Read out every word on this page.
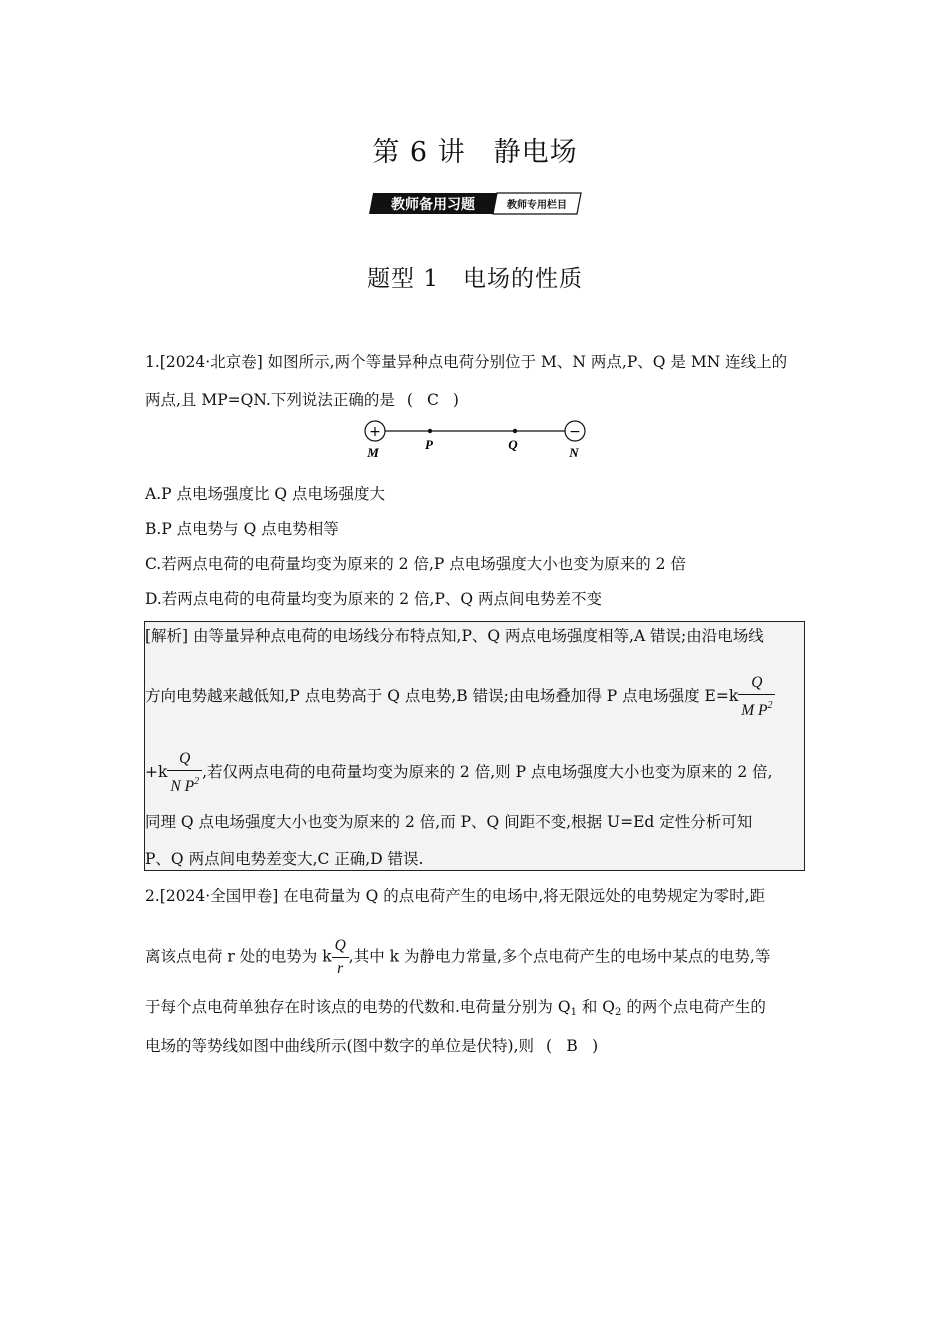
第 6 讲　静电场
教师备用习题	教师专用栏目
题型 1　电场的性质
1.[2024·北京卷] 如图所示,两个等量异种点电荷分别位于 M、N 两点,P、Q 是 MN 连线上的
两点,且 MP=QN.下列说法正确的是 ( C )
+	−
M
P	Q
N
A.P 点电场强度比 Q 点电场强度大
B.P 点电势与 Q 点电势相等
C.若两点电荷的电荷量均变为原来的 2 倍,P 点电场强度大小也变为原来的 2 倍
D.若两点电荷的电荷量均变为原来的 2 倍,P、Q 两点间电势差不变
[解析] 由等量异种点电荷的电场线分布特点知,P、Q 两点电场强度相等,A 错误;由沿电场线
方向电势越来越低知,P 点电势高于 Q 点电势,B 错误;由电场叠加得 P 点电场强度 $E=k \frac{Q}{M P^2}$
$+k \frac{Q}{N P^2}$ ,若仅两点电荷的电荷量均变为原来的 2 倍,则 P 点电场强度大小也变为原来的 2 倍,
同理 Q 点电场强度大小也变为原来的 2 倍,而 P、Q 间距不变,根据 U=Ed 定性分析可知
P、Q 两点间电势差变大,C 正确,D 错误.
2.[2024·全国甲卷] 在电荷量为 Q 的点电荷产生的电场中,将无限远处的电势规定为零时,距
离该点电荷 r 处的电势为 k $\frac{Q}{r}$ ,其中 k 为静电力常量,多个点电荷产生的电场中某点的电势,等
于每个点电荷单独存在时该点的电势的代数和.电荷量分别为 $Q_1$ 和 $Q_2$ 的两个点电荷产生的
电场的等势线如图中曲线所示(图中数字的单位是伏特),则 ( B )
